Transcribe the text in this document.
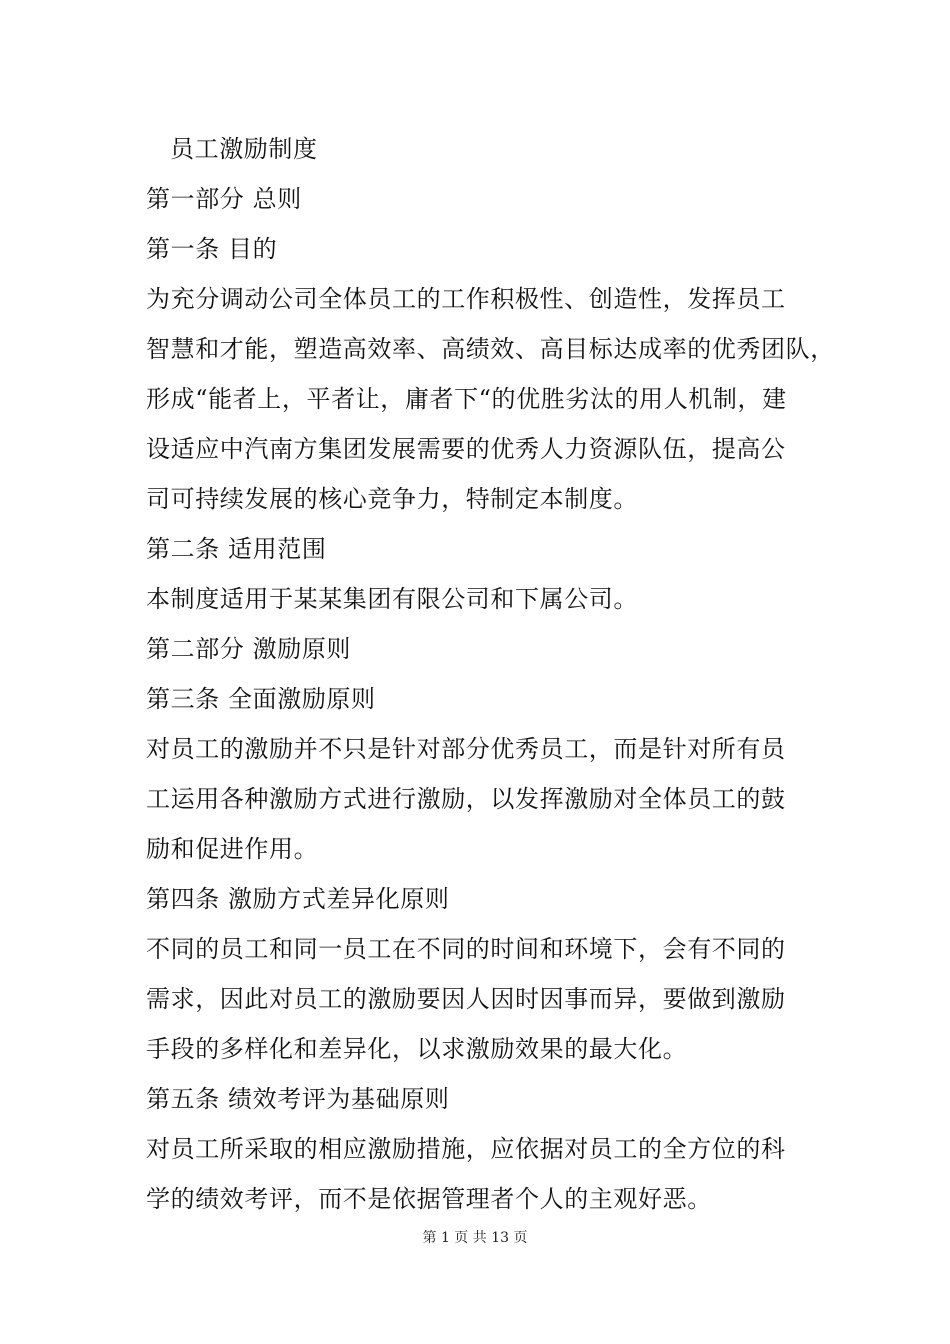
员工激励制度
第一部分 总则
第一条 目的
为充分调动公司全体员工的工作积极性、创造性，发挥员工
智慧和才能，塑造高效率、高绩效、高目标达成率的优秀团队，
形成“能者上，平者让，庸者下“的优胜劣汰的用人机制，建
设适应中汽南方集团发展需要的优秀人力资源队伍，提高公
司可持续发展的核心竞争力，特制定本制度。
第二条 适用范围
本制度适用于某某集团有限公司和下属公司。
第二部分 激励原则
第三条 全面激励原则
对员工的激励并不只是针对部分优秀员工，而是针对所有员
工运用各种激励方式进行激励，以发挥激励对全体员工的鼓
励和促进作用。
第四条 激励方式差异化原则
不同的员工和同一员工在不同的时间和环境下，会有不同的
需求，因此对员工的激励要因人因时因事而异，要做到激励
手段的多样化和差异化，以求激励效果的最大化。
第五条 绩效考评为基础原则
对员工所采取的相应激励措施，应依据对员工的全方位的科
学的绩效考评，而不是依据管理者个人的主观好恶。
第 1 页 共 13 页
